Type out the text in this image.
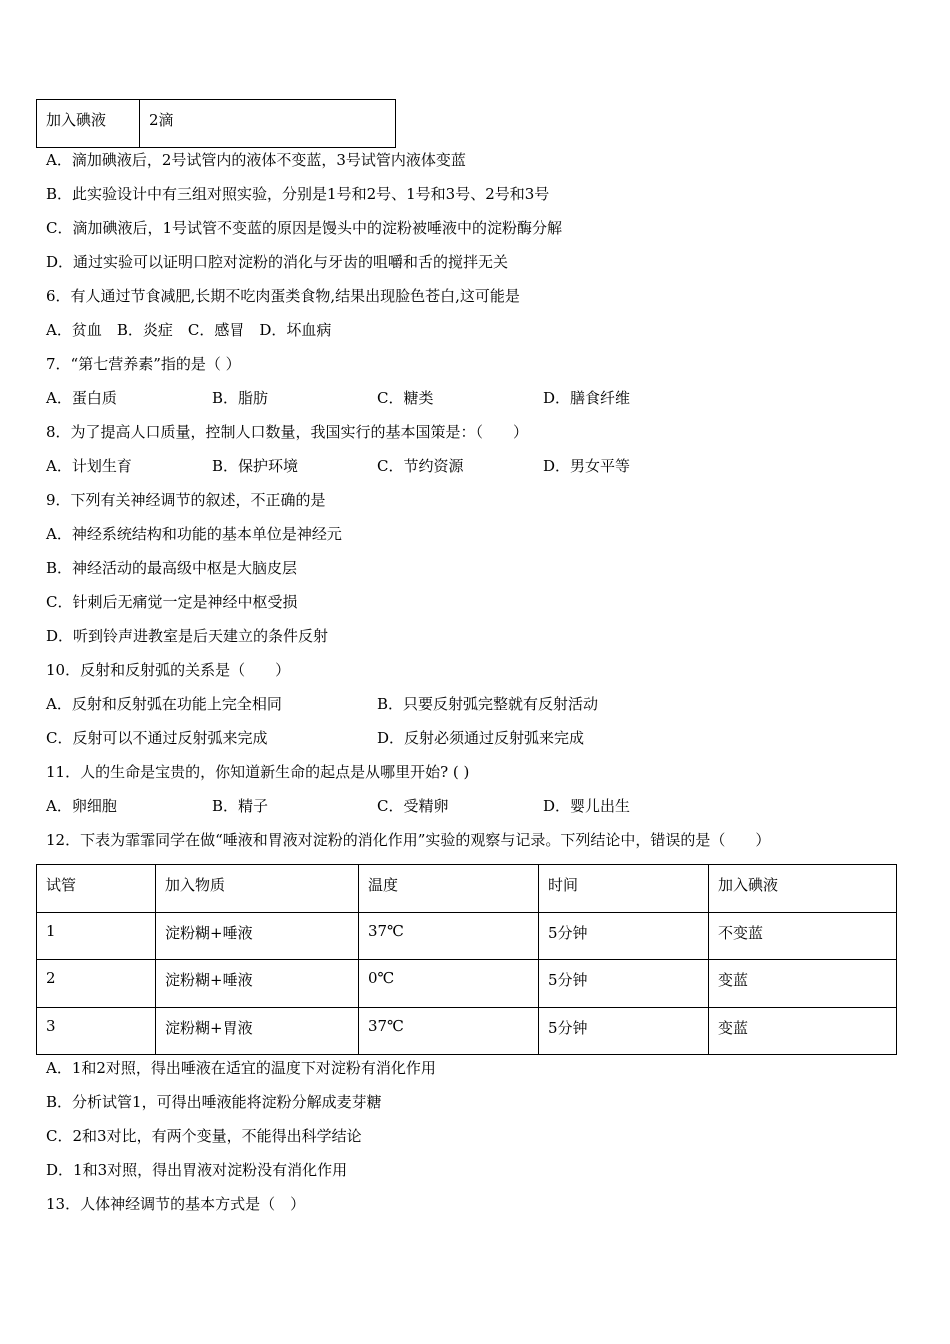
加入碘液	2滴
A．滴加碘液后，2号试管内的液体不变蓝，3号试管内液体变蓝
B．此实验设计中有三组对照实验，分别是1号和2号、1号和3号、2号和3号
C．滴加碘液后，1号试管不变蓝的原因是馒头中的淀粉被唾液中的淀粉酶分解
D．通过实验可以证明口腔对淀粉的消化与牙齿的咀嚼和舌的搅拌无关
6．有人通过节食减肥,长期不吃肉蛋类食物,结果出现脸色苍白,这可能是
A．贫血　B．炎症　C．感冒　D．坏血病
7．“第七营养素”指的是（ ）
A．蛋白质	B．脂肪	C．糖类	D．膳食纤维
8．为了提高人口质量，控制人口数量，我国实行的基本国策是：（　　）
A．计划生育	B．保护环境	C．节约资源	D．男女平等
9．下列有关神经调节的叙述，不正确的是
A．神经系统结构和功能的基本单位是神经元
B．神经活动的最高级中枢是大脑皮层
C．针刺后无痛觉一定是神经中枢受损
D．听到铃声进教室是后天建立的条件反射
10．反射和反射弧的关系是（　　）
A．反射和反射弧在功能上完全相同	B．只要反射弧完整就有反射活动
C．反射可以不通过反射弧来完成	D．反射必须通过反射弧来完成
11．人的生命是宝贵的，你知道新生命的起点是从哪里开始? ( )
A．卵细胞	B．精子	C．受精卵	D．婴儿出生
12．下表为霏霏同学在做“唾液和胃液对淀粉的消化作用”实验的观察与记录。下列结论中，错误的是（　　）
试管	加入物质	温度	时间	加入碘液
1	淀粉糊+唾液	37℃	5分钟	不变蓝
2	淀粉糊+唾液	0℃	5分钟	变蓝
3	淀粉糊+胃液	37℃	5分钟	变蓝
A．1和2对照，得出唾液在适宜的温度下对淀粉有消化作用
B．分析试管1，可得出唾液能将淀粉分解成麦芽糖
C．2和3对比，有两个变量，不能得出科学结论
D．1和3对照，得出胃液对淀粉没有消化作用
13．人体神经调节的基本方式是（　）
